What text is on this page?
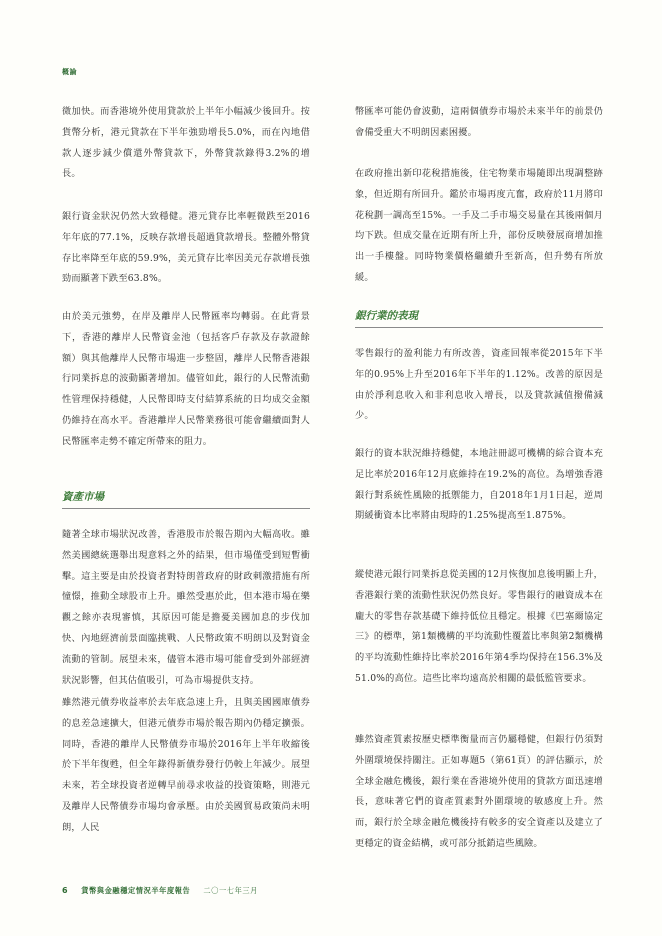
概論
微加快。而香港境外使用貸款於上半年小幅減少後回升。按貨幣分析，港元貸款在下半年強勁增長5.0%，而在內地借款人逐步減少償還外幣貸款下，外幣貸款錄得3.2%的增長。
銀行資金狀況仍然大致穩健。港元貸存比率輕微跌至2016年年底的77.1%，反映存款增長超過貸款增長。整體外幣貸存比率降至年底的59.9%，美元貸存比率因美元存款增長強勁而顯著下跌至63.8%。
由於美元強勢，在岸及離岸人民幣匯率均轉弱。在此背景下，香港的離岸人民幣資金池（包括客戶存款及存款證餘額）與其他離岸人民幣市場進一步整固，離岸人民幣香港銀行同業拆息的波動顯著增加。儘管如此，銀行的人民幣流動性管理保持穩健，人民幣即時支付結算系統的日均成交金額仍維持在高水平。香港離岸人民幣業務很可能會繼續面對人民幣匯率走勢不確定所帶來的阻力。
資產市場
隨著全球市場狀況改善，香港股市於報告期內大幅高收。雖然美國總統選舉出現意料之外的結果，但市場僅受到短暫衝擊。這主要是由於投資者對特朗普政府的財政刺激措施有所憧憬，推動全球股市上升。雖然受惠於此，但本港市場在樂觀之餘亦表現審慎，其原因可能是擔憂美國加息的步伐加快、內地經濟前景面臨挑戰、人民幣政策不明朗以及對資金流動的管制。展望未來，儘管本港市場可能會受到外部經濟狀況影響，但其估值吸引，可為市場提供支持。
雖然港元債券收益率於去年底急速上升，且與美國國庫債券的息差急速擴大，但港元債券市場於報告期內仍穩定擴張。同時，香港的離岸人民幣債券市場於2016年上半年收縮後於下半年復甦，但全年錄得新債券發行仍較上年減少。展望未來，若全球投資者逆轉早前尋求收益的投資策略，則港元及離岸人民幣債券市場均會承壓。由於美國貿易政策尚未明朗，人民
幣匯率可能仍會波動，這兩個債券市場於未來半年的前景仍會備受重大不明朗因素困擾。
在政府推出新印花稅措施後，住宅物業市場隨即出現調整跡象，但近期有所回升。鑑於市場再度亢奮，政府於11月將印花稅劃一調高至15%。一手及二手市場交易量在其後兩個月均下跌。但成交量在近期有所上升，部份反映發展商增加推出一手樓盤。同時物業價格繼續升至新高，但升勢有所放緩。
銀行業的表現
零售銀行的盈利能力有所改善，資產回報率從2015年下半年的0.95%上升至2016年下半年的1.12%。改善的原因是由於淨利息收入和非利息收入增長，以及貸款減值撥備減少。
銀行的資本狀況維持穩健，本地註冊認可機構的綜合資本充足比率於2016年12月底維持在19.2%的高位。為增強香港銀行對系統性風險的抵禦能力，自2018年1月1日起，逆周期緩衝資本比率將由現時的1.25%提高至1.875%。
縱使港元銀行同業拆息從美國的12月恢復加息後明顯上升，香港銀行業的流動性狀況仍然良好。零售銀行的融資成本在龐大的零售存款基礎下維持低位且穩定。根據《巴塞爾協定三》的標準，第1類機構的平均流動性覆蓋比率與第2類機構的平均流動性維持比率於2016年第4季均保持在156.3%及51.0%的高位。這些比率均遠高於相關的最低監管要求。
雖然資產質素按歷史標準衡量而言仍屬穩健，但銀行仍須對外圍環境保持關注。正如專題5（第61頁）的評估顯示，於全球金融危機後，銀行業在香港境外使用的貸款方面迅速增長，意味著它們的資產質素對外圍環境的敏感度上升。然而，銀行於全球金融危機後持有較多的安全資產以及建立了更穩定的資金結構，或可部分抵銷這些風險。
6 貨幣與金融穩定情況半年度報告 二〇一七年三月
